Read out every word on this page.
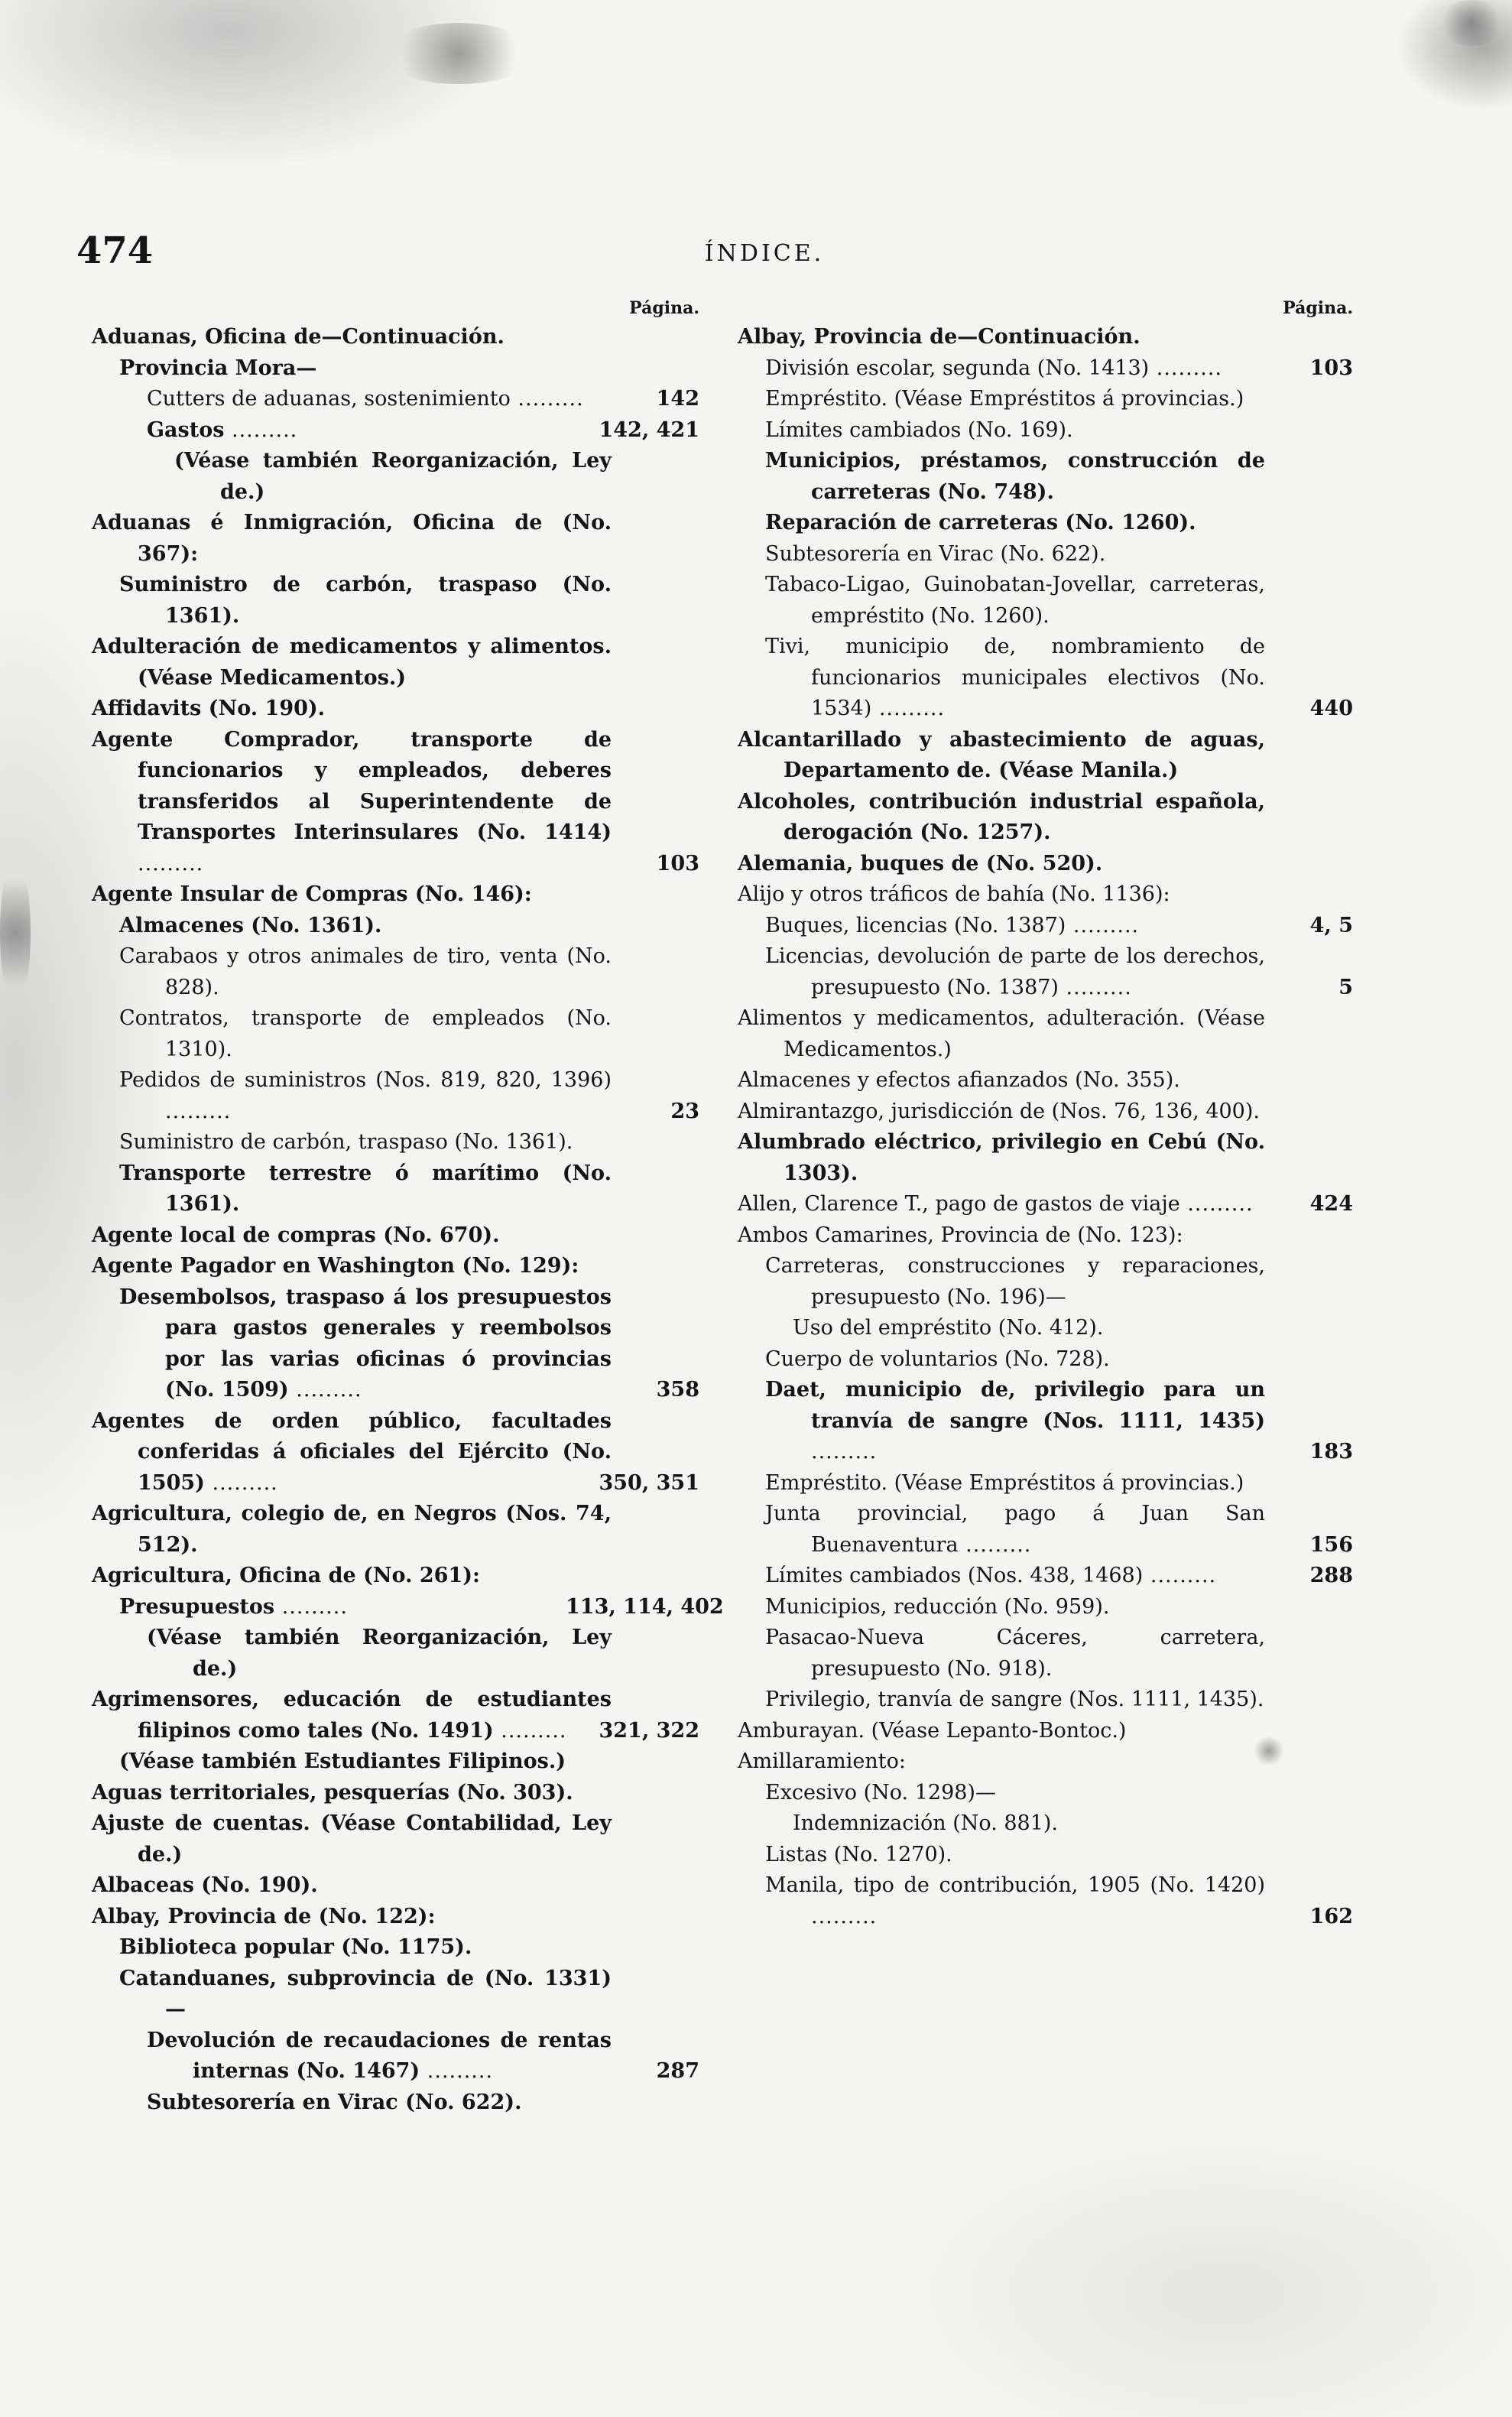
474	ÍNDICE.
Página.
Aduanas, Oficina de—Continuación.
Provincia Mora—
Cutters de aduanas, sostenimiento .........	142
Gastos .........	142, 421
(Véase también Reorganización, Ley de.)
Aduanas é Inmigración, Oficina de (No. 367):
Suministro de carbón, traspaso (No. 1361).
Adulteración de medicamentos y alimentos. (Véase Medicamentos.)
Affidavits (No. 190).
Agente Comprador, transporte de funcionarios y empleados, deberes transferidos al Superintendente de Transportes Interinsulares (No. 1414) .........	103
Agente Insular de Compras (No. 146):
Almacenes (No. 1361).
Carabaos y otros animales de tiro, venta (No. 828).
Contratos, transporte de empleados (No. 1310).
Pedidos de suministros (Nos. 819, 820, 1396) .........	23
Suministro de carbón, traspaso (No. 1361).
Transporte terrestre ó marítimo (No. 1361).
Agente local de compras (No. 670).
Agente Pagador en Washington (No. 129):
Desembolsos, traspaso á los presupuestos para gastos generales y reembolsos por las varias oficinas ó provincias (No. 1509) .........	358
Agentes de orden público, facultades conferidas á oficiales del Ejército (No. 1505) .........	350, 351
Agricultura, colegio de, en Negros (Nos. 74, 512).
Agricultura, Oficina de (No. 261):
Presupuestos .........	113, 114, 402
(Véase también Reorganización, Ley de.)
Agrimensores, educación de estudiantes filipinos como tales (No. 1491) ......... 321, 322
(Véase también Estudiantes Filipinos.)
Aguas territoriales, pesquerías (No. 303).
Ajuste de cuentas. (Véase Contabilidad, Ley de.)
Albaceas (No. 190).
Albay, Provincia de (No. 122):
Biblioteca popular (No. 1175).
Catanduanes, subprovincia de (No. 1331)—
Devolución de recaudaciones de rentas internas (No. 1467) .........	287
Subtesorería en Virac (No. 622).
Página.
Albay, Provincia de—Continuación.
División escolar, segunda (No. 1413) .........	103
Empréstito. (Véase Empréstitos á provincias.)
Límites cambiados (No. 169).
Municipios, préstamos, construcción de carreteras (No. 748).
Reparación de carreteras (No. 1260).
Subtesorería en Virac (No. 622).
Tabaco-Ligao, Guinobatan-Jovellar, carreteras, empréstito (No. 1260).
Tivi, municipio de, nombramiento de funcionarios municipales electivos (No. 1534) .........	440
Alcantarillado y abastecimiento de aguas, Departamento de. (Véase Manila.)
Alcoholes, contribución industrial española, derogación (No. 1257).
Alemania, buques de (No. 520).
Alijo y otros tráficos de bahía (No. 1136):
Buques, licencias (No. 1387) .........	4, 5
Licencias, devolución de parte de los derechos, presupuesto (No. 1387) .........	5
Alimentos y medicamentos, adulteración. (Véase Medicamentos.)
Almacenes y efectos afianzados (No. 355).
Almirantazgo, jurisdicción de (Nos. 76, 136, 400).
Alumbrado eléctrico, privilegio en Cebú (No. 1303).
Allen, Clarence T., pago de gastos de viaje .........	424
Ambos Camarines, Provincia de (No. 123):
Carreteras, construcciones y reparaciones, presupuesto (No. 196)—
Uso del empréstito (No. 412).
Cuerpo de voluntarios (No. 728).
Daet, municipio de, privilegio para un tranvía de sangre (Nos. 1111, 1435) .........	183
Empréstito. (Véase Empréstitos á provincias.)
Junta provincial, pago á Juan San Buenaventura .........	156
Límites cambiados (Nos. 438, 1468) .........	288
Municipios, reducción (No. 959).
Pasacao-Nueva Cáceres, carretera, presupuesto (No. 918).
Privilegio, tranvía de sangre (Nos. 1111, 1435).
Amburayan. (Véase Lepanto-Bontoc.)
Amillaramiento:
Excesivo (No. 1298)—
Indemnización (No. 881).
Listas (No. 1270).
Manila, tipo de contribución, 1905 (No. 1420) .........	162
